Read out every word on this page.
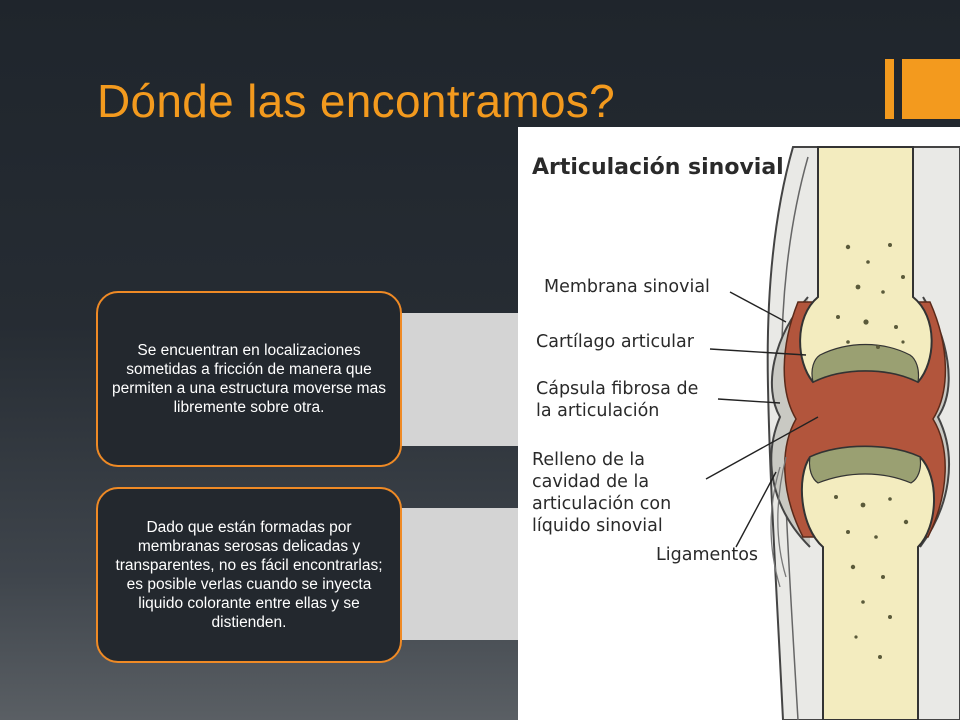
Dónde las encontramos?

Se encuentran en localizaciones sometidas a fricción de manera que permiten a una estructura moverse mas libremente sobre otra.

Dado que están formadas por membranas serosas delicadas y transparentes, no es fácil encontrarlas; es posible verlas cuando se inyecta liquido colorante entre ellas y se distienden.

Articulación sinovial

Membrana sinovial
Cartílago articular
Cápsula fibrosa de
la articulación
Relleno de la
cavidad de la
articulación con
líquido sinovial
Ligamentos
